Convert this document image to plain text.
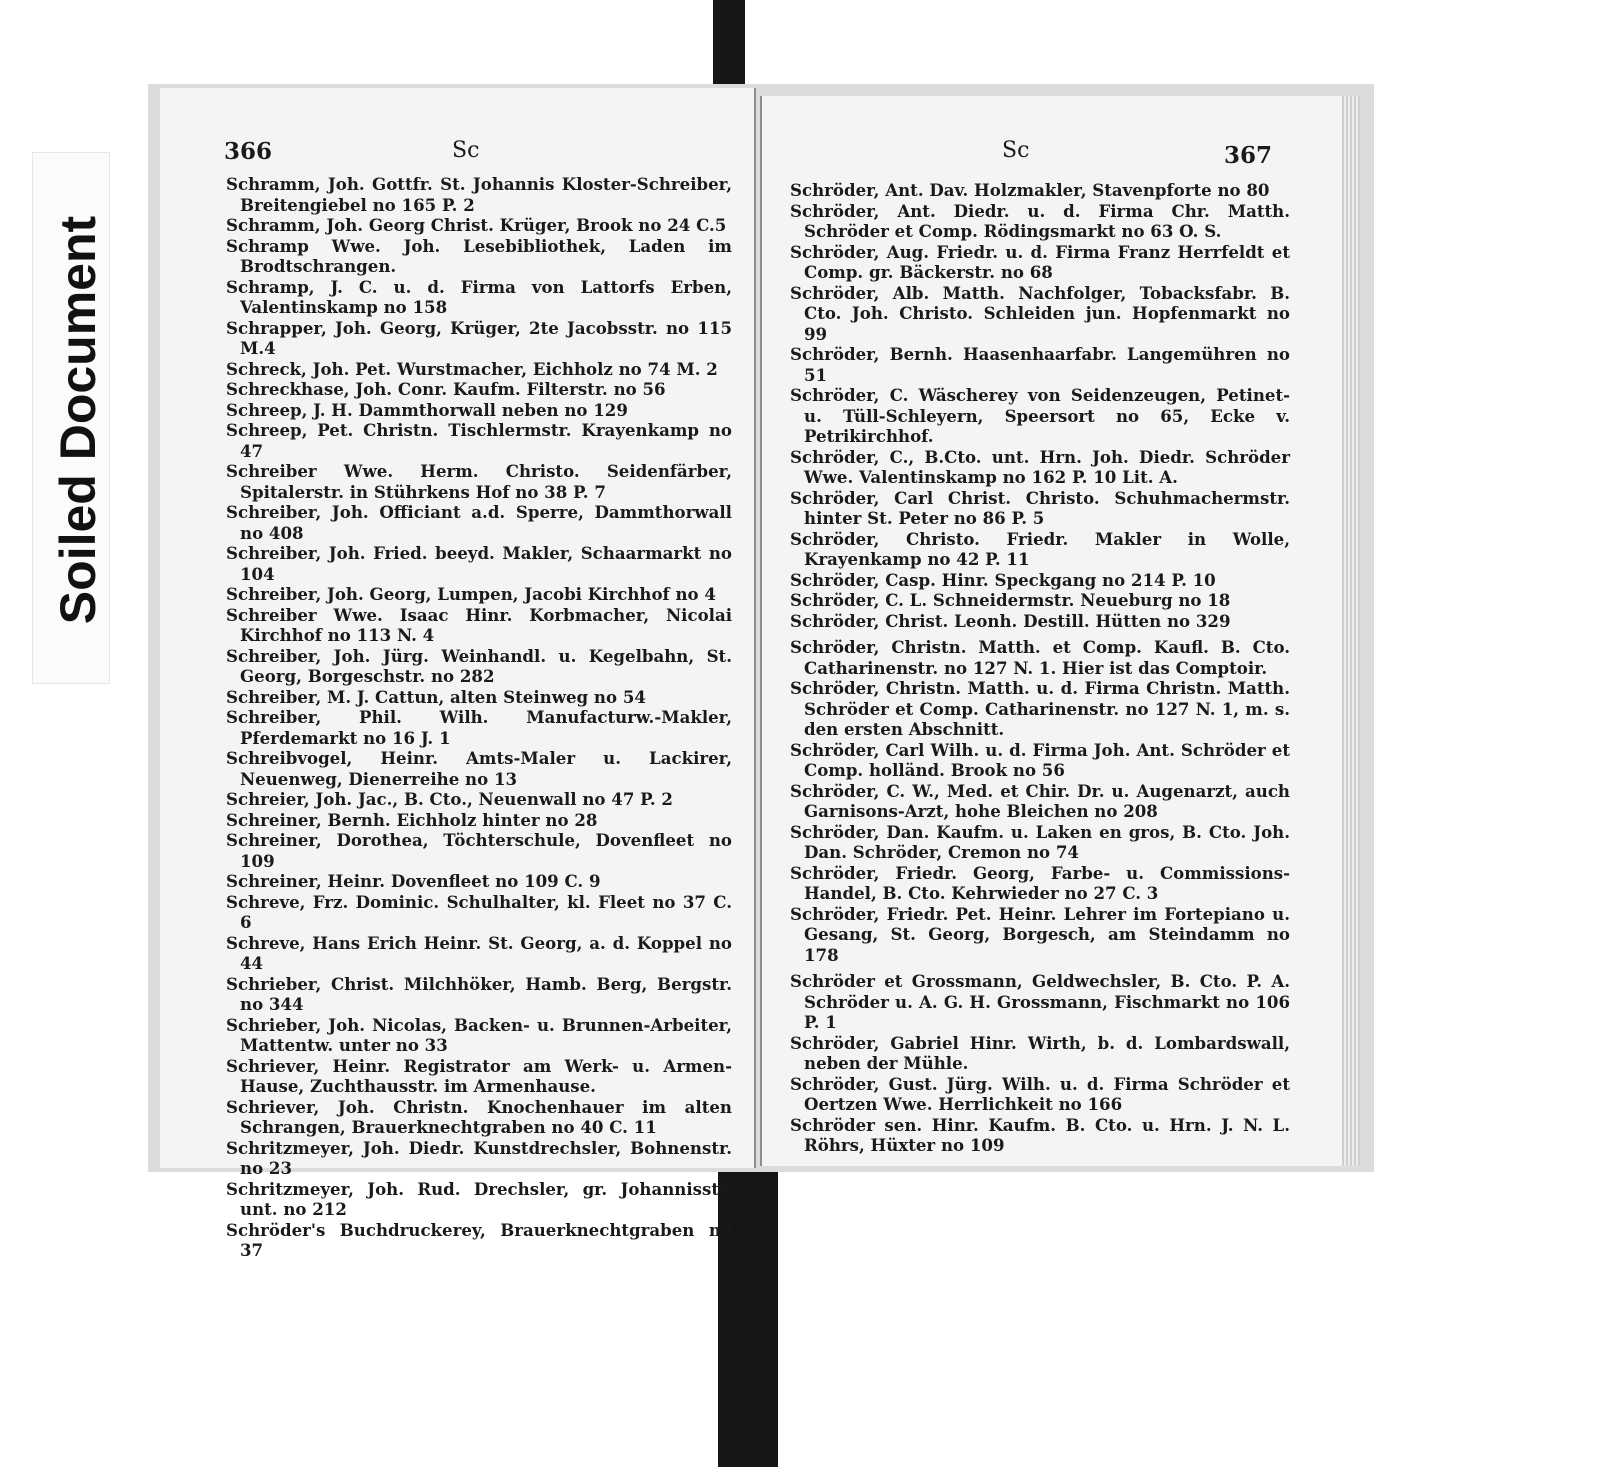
Soiled Document
366	Sc
Schramm, Joh. Gottfr. St. Johannis Kloster-Schreiber, Breitengiebel no 165 P. 2
Schramm, Joh. Georg Christ. Krüger, Brook no 24 C.5
Schramp Wwe. Joh. Lesebibliothek, Laden im Brodtschrangen.
Schramp, J. C. u. d. Firma von Lattorfs Erben, Valentinskamp no 158
Schrapper, Joh. Georg, Krüger, 2te Jacobsstr. no 115 M.4
Schreck, Joh. Pet. Wurstmacher, Eichholz no 74 M. 2
Schreckhase, Joh. Conr. Kaufm. Filterstr. no 56
Schreep, J. H. Dammthorwall neben no 129
Schreep, Pet. Christn. Tischlermstr. Krayenkamp no 47
Schreiber Wwe. Herm. Christo. Seidenfärber, Spitalerstr. in Stührkens Hof no 38 P. 7
Schreiber, Joh. Officiant a.d. Sperre, Dammthorwall no 408
Schreiber, Joh. Fried. beeyd. Makler, Schaarmarkt no 104
Schreiber, Joh. Georg, Lumpen, Jacobi Kirchhof no 4
Schreiber Wwe. Isaac Hinr. Korbmacher, Nicolai Kirchhof no 113 N. 4
Schreiber, Joh. Jürg. Weinhandl. u. Kegelbahn, St. Georg, Borgeschstr. no 282
Schreiber, M. J. Cattun, alten Steinweg no 54
Schreiber, Phil. Wilh. Manufacturw.-Makler, Pferdemarkt no 16 J. 1
Schreibvogel, Heinr. Amts-Maler u. Lackirer, Neuenweg, Dienerreihe no 13
Schreier, Joh. Jac., B. Cto., Neuenwall no 47 P. 2
Schreiner, Bernh. Eichholz hinter no 28
Schreiner, Dorothea, Töchterschule, Dovenfleet no 109
Schreiner, Heinr. Dovenfleet no 109 C. 9
Schreve, Frz. Dominic. Schulhalter, kl. Fleet no 37 C. 6
Schreve, Hans Erich Heinr. St. Georg, a. d. Koppel no 44
Schrieber, Christ. Milchhöker, Hamb. Berg, Bergstr. no 344
Schrieber, Joh. Nicolas, Backen- u. Brunnen-Arbeiter, Mattentw. unter no 33
Schriever, Heinr. Registrator am Werk- u. Armen-Hause, Zuchthausstr. im Armenhause.
Schriever, Joh. Christn. Knochenhauer im alten Schrangen, Brauerknechtgraben no 40 C. 11
Schritzmeyer, Joh. Diedr. Kunstdrechsler, Bohnenstr. no 23
Schritzmeyer, Joh. Rud. Drechsler, gr. Johannisstr. unt. no 212
Schröder's Buchdruckerey, Brauerknechtgraben no 37
Sc	367
Schröder, Ant. Dav. Holzmakler, Stavenpforte no 80
Schröder, Ant. Diedr. u. d. Firma Chr. Matth. Schröder et Comp. Rödingsmarkt no 63 O. S.
Schröder, Aug. Friedr. u. d. Firma Franz Herrfeldt et Comp. gr. Bäckerstr. no 68
Schröder, Alb. Matth. Nachfolger, Tobacksfabr. B. Cto. Joh. Christo. Schleiden jun. Hopfenmarkt no 99
Schröder, Bernh. Haasenhaarfabr. Langemühren no 51
Schröder, C. Wäscherey von Seidenzeugen, Petinet- u. Tüll-Schleyern, Speersort no 65, Ecke v. Petrikirchhof.
Schröder, C., B.Cto. unt. Hrn. Joh. Diedr. Schröder Wwe. Valentinskamp no 162 P. 10 Lit. A.
Schröder, Carl Christ. Christo. Schuhmachermstr. hinter St. Peter no 86 P. 5
Schröder, Christo. Friedr. Makler in Wolle, Krayenkamp no 42 P. 11
Schröder, Casp. Hinr. Speckgang no 214 P. 10
Schröder, C. L. Schneidermstr. Neueburg no 18
Schröder, Christ. Leonh. Destill. Hütten no 329
Schröder, Christn. Matth. et Comp. Kaufl. B. Cto. Catharinenstr. no 127 N. 1. Hier ist das Comptoir.
Schröder, Christn. Matth. u. d. Firma Christn. Matth. Schröder et Comp. Catharinenstr. no 127 N. 1, m. s. den ersten Abschnitt.
Schröder, Carl Wilh. u. d. Firma Joh. Ant. Schröder et Comp. holländ. Brook no 56
Schröder, C. W., Med. et Chir. Dr. u. Augenarzt, auch Garnisons-Arzt, hohe Bleichen no 208
Schröder, Dan. Kaufm. u. Laken en gros, B. Cto. Joh. Dan. Schröder, Cremon no 74
Schröder, Friedr. Georg, Farbe- u. Commissions-Handel, B. Cto. Kehrwieder no 27 C. 3
Schröder, Friedr. Pet. Heinr. Lehrer im Fortepiano u. Gesang, St. Georg, Borgesch, am Steindamm no 178
Schröder et Grossmann, Geldwechsler, B. Cto. P. A. Schröder u. A. G. H. Grossmann, Fischmarkt no 106 P. 1
Schröder, Gabriel Hinr. Wirth, b. d. Lombardswall, neben der Mühle.
Schröder, Gust. Jürg. Wilh. u. d. Firma Schröder et Oertzen Wwe. Herrlichkeit no 166
Schröder sen. Hinr. Kaufm. B. Cto. u. Hrn. J. N. L. Röhrs, Hüxter no 109
